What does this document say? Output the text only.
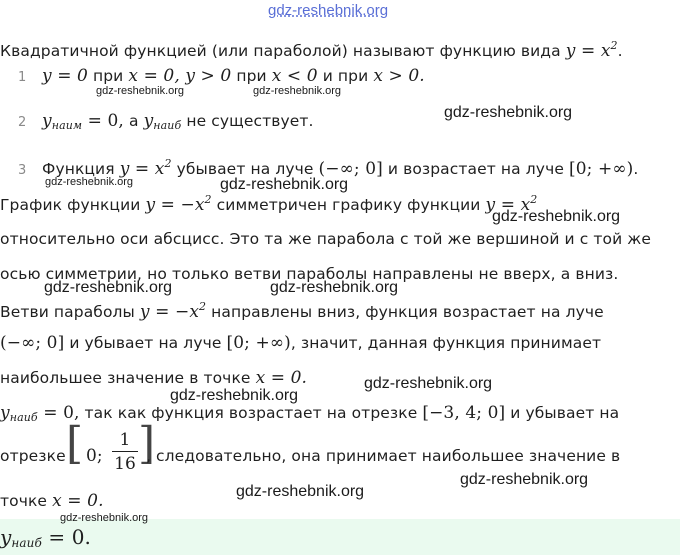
gdz-reshebnik.org
Квадратичной функцией (или параболой) называют функцию вида $y = x^2$.
1 y = 0 при x = 0, y > 0 при x < 0 и при x > 0.
gdz-reshebnik.org	gdz-reshebnik.org
2 $y_{наим} = 0$, а $y_{наиб}$ не существует.	gdz-reshebnik.org
3 Функция $y = x^2$ убывает на луче (−∞; 0] и возрастает на луче [0; +∞).
gdz-reshebnik.org	gdz-reshebnik.org
График функции $y = -x^2$ симметричен графику функции $y = x^2$
gdz-reshebnik.org
относительно оси абсцисс. Это та же парабола с той же вершиной и с той же
осью симметрии, но только ветви параболы направлены не вверх, а вниз.
gdz-reshebnik.org	gdz-reshebnik.org
Ветви параболы $y = -x^2$ направлены вниз, функция возрастает на луче
(−∞; 0] и убывает на луче [0; +∞), значит, данная функция принимает
наибольшее значение в точке x = 0.	gdz-reshebnik.org
gdz-reshebnik.org
$y_{наиб} = 0$, так как функция возрастает на отрезке [−3, 4; 0] и убывает на
отрезке [ 0;
1
16 ]
, следовательно, она принимает наибольшее значение в
gdz-reshebnik.org
точке x = 0.	gdz-reshebnik.org
gdz-reshebnik.org
$y_{наиб} = 0$.
